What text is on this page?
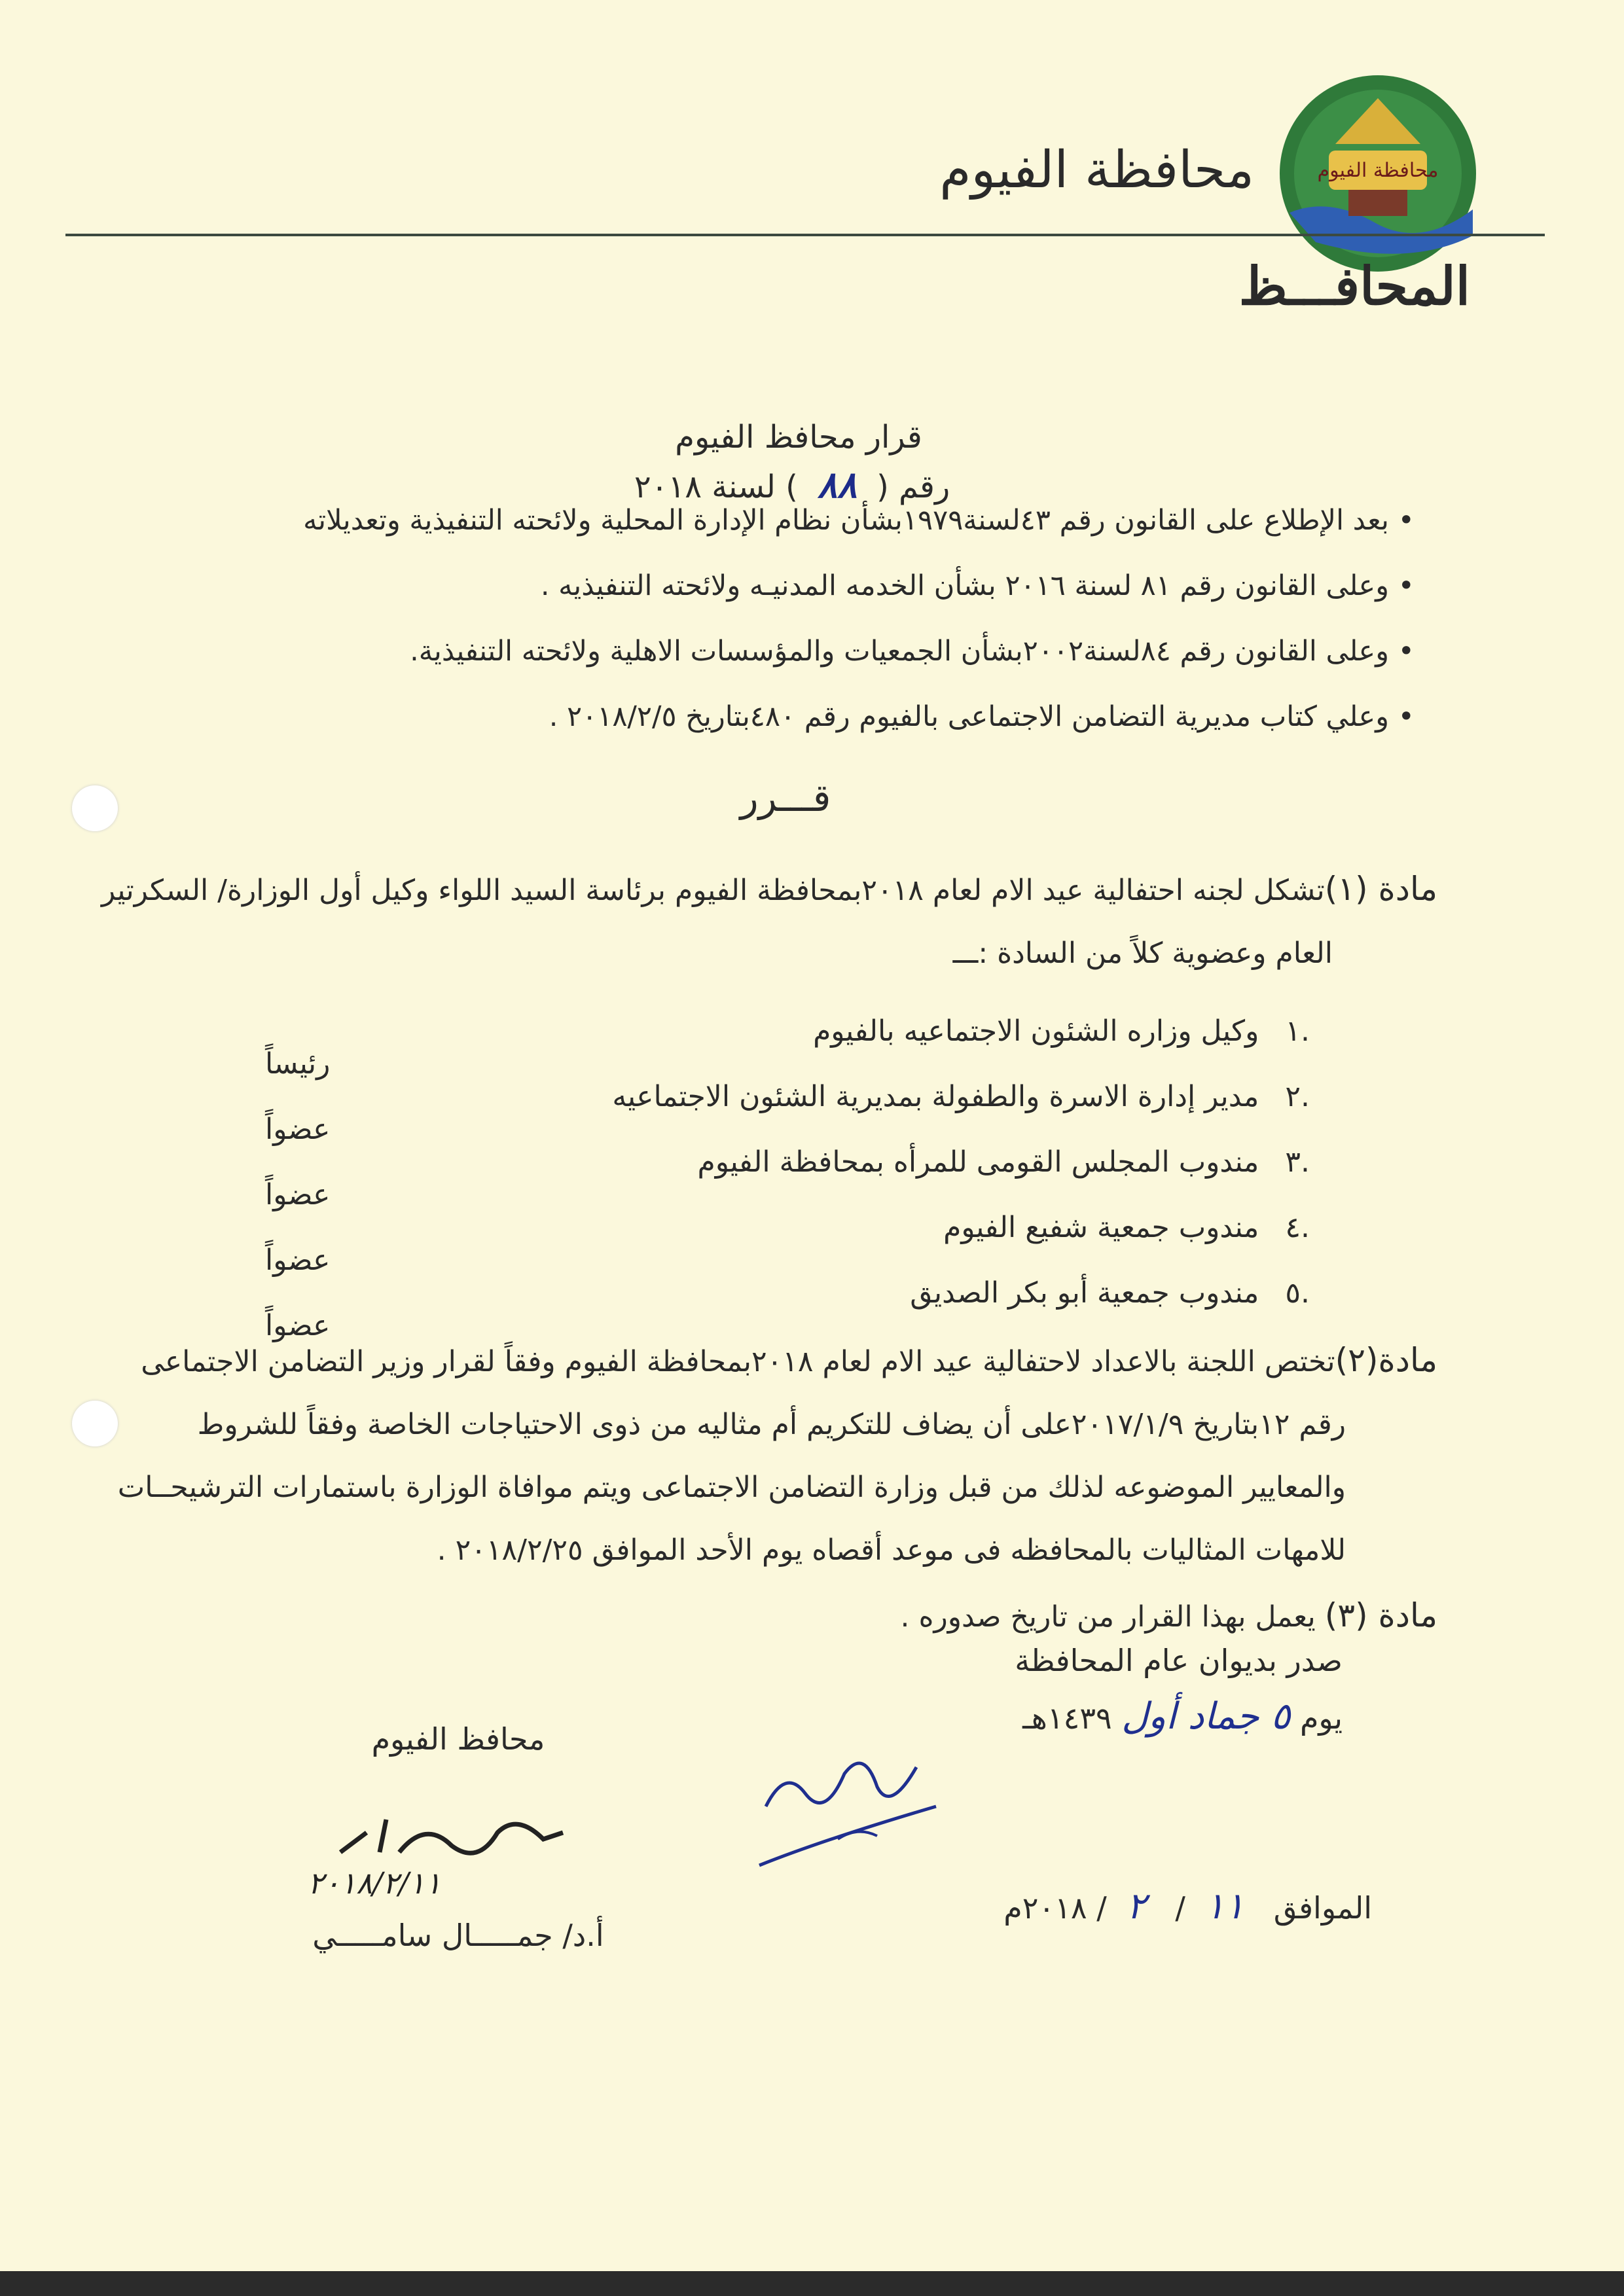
محافظة الفيوم
محافظة الفيوم
المحافـــظ
قرار محافظ الفيوم
رقم (٨٨) لسنة ٢٠١٨
• بعد الإطلاع على القانون رقم ٤٣لسنة١٩٧٩بشأن نظام الإدارة المحلية ولائحته التنفيذية وتعديلاته
• وعلى القانون رقم ٨١ لسنة ٢٠١٦ بشأن الخدمه المدنيـه ولائحته التنفيذيه .
• وعلى القانون رقم ٨٤لسنة٢٠٠٢بشأن الجمعيات والمؤسسات الاهلية ولائحته التنفيذية.
• وعلي كتاب مديرية التضامن الاجتماعى بالفيوم رقم ٤٨٠بتاريخ ٢٠١٨/٢/٥ .
قـــرر
مادة (١)تشكل لجنه احتفالية عيد الام لعام ٢٠١٨بمحافظة الفيوم برئاسة السيد اللواء وكيل أول الوزارة/ السكرتير
العام وعضوية كلاً من السادة :ـــ
.١وكيل وزاره الشئون الاجتماعيه بالفيوم
رئيساً
.٢مدير إدارة الاسرة والطفولة بمديرية الشئون الاجتماعيه
عضواً
.٣مندوب المجلس القومى للمرأه بمحافظة الفيوم
عضواً
.٤مندوب جمعية شفيع الفيوم
عضواً
.٥مندوب جمعية أبو بكر الصديق
عضواً
مادة(٢)تختص اللجنة بالاعداد لاحتفالية عيد الام لعام ٢٠١٨بمحافظة الفيوم وفقاً لقرار وزير التضامن الاجتماعى
رقم ١٢بتاريخ ٢٠١٧/١/٩على أن يضاف للتكريم أم مثاليه من ذوى الاحتياجات الخاصة وفقاً للشروط
والمعايير الموضوعه لذلك من قبل وزارة التضامن الاجتماعى ويتم موافاة الوزارة باستمارات الترشيحــات
للامهات المثاليات بالمحافظه فى موعد أقصاه يوم الأحد الموافق ٢٠١٨/٢/٢٥ .
مادة (٣) يعمل بهذا القرار من تاريخ صدوره .
صدر بديوان عام المحافظة
يوم ٥ جماد أول ١٤٣٩هـ
الموافق ١١/ ٢/ ٢٠١٨م
محافظ الفيوم
٢٠١٨/٢/١١
أ.د/ جمـــــال سامـــــي
